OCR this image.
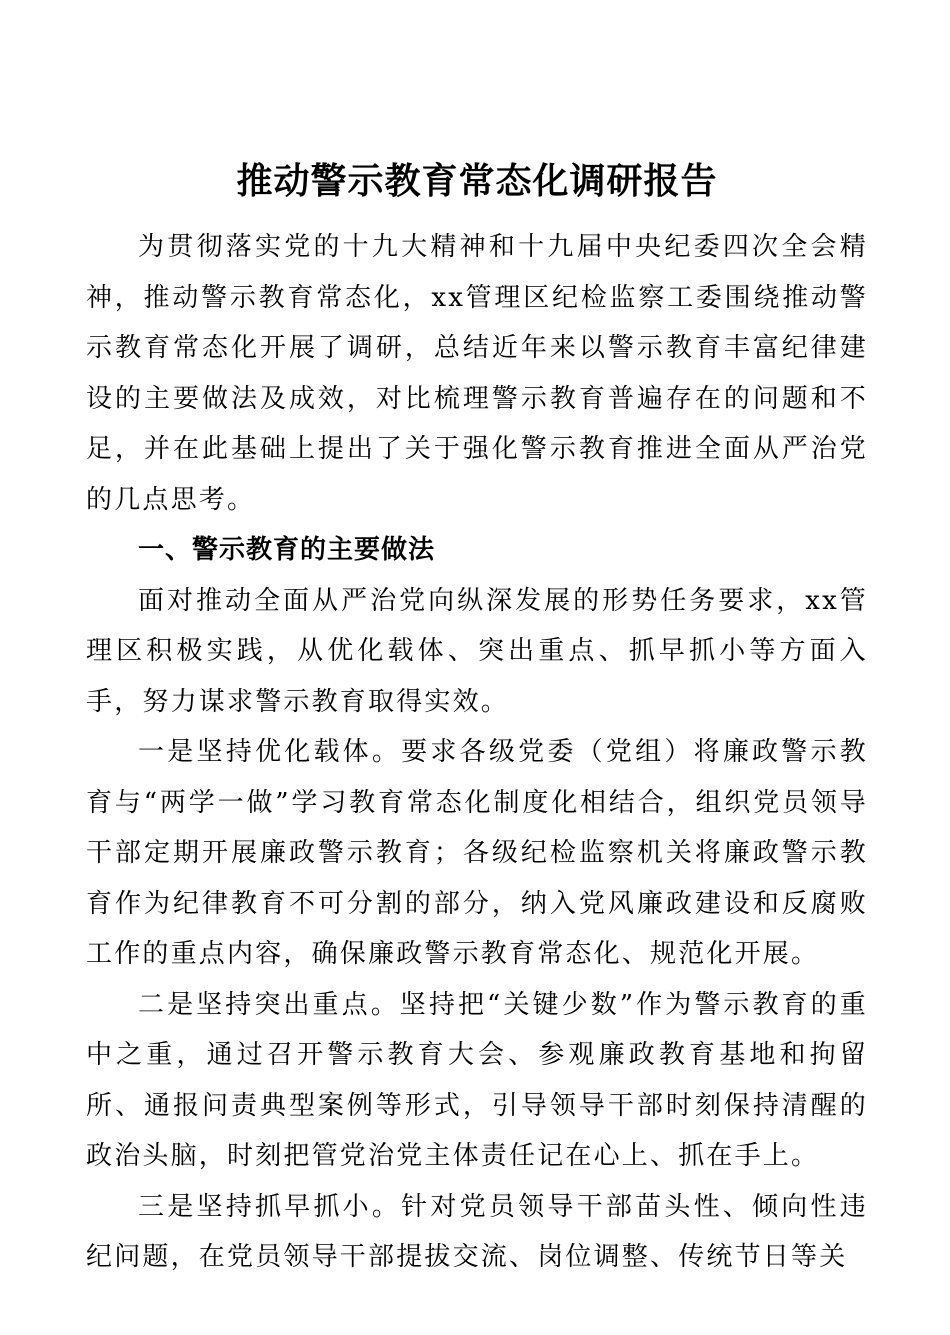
推动警示教育常态化调研报告

为贯彻落实党的十九大精神和十九届中央纪委四次全会精神，推动警示教育常态化，xx管理区纪检监察工委围绕推动警示教育常态化开展了调研，总结近年来以警示教育丰富纪律建设的主要做法及成效，对比梳理警示教育普遍存在的问题和不足，并在此基础上提出了关于强化警示教育推进全面从严治党的几点思考。

一、警示教育的主要做法

面对推动全面从严治党向纵深发展的形势任务要求，xx管理区积极实践，从优化载体、突出重点、抓早抓小等方面入手，努力谋求警示教育取得实效。

一是坚持优化载体。要求各级党委（党组）将廉政警示教育与“两学一做”学习教育常态化制度化相结合，组织党员领导干部定期开展廉政警示教育；各级纪检监察机关将廉政警示教育作为纪律教育不可分割的部分，纳入党风廉政建设和反腐败工作的重点内容，确保廉政警示教育常态化、规范化开展。

二是坚持突出重点。坚持把“关键少数”作为警示教育的重中之重，通过召开警示教育大会、参观廉政教育基地和拘留所、通报问责典型案例等形式，引导领导干部时刻保持清醒的政治头脑，时刻把管党治党主体责任记在心上、抓在手上。

三是坚持抓早抓小。针对党员领导干部苗头性、倾向性违纪问题，在党员领导干部提拔交流、岗位调整、传统节日等关
